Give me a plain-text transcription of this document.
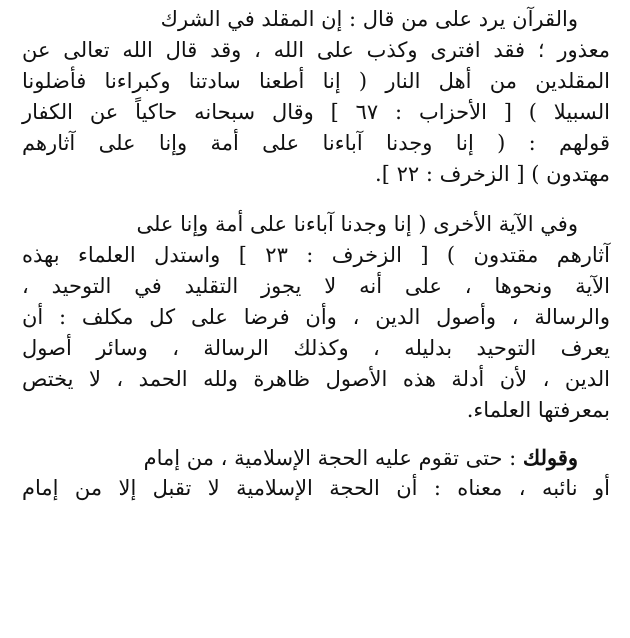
والقرآن يرد على من قال : إن المقلد في الشرك
معذور ؛ فقد افترى وكذب على الله ، وقد قال الله تعالى عن
المقلدين من أهل النار ( إنا أطعنا سادتنا وكبراءنا فأضلونا
السبيلا ) [ الأحزاب : ٦٧ ] وقال سبحانه حاكياً عن الكفار
قولهم : ( إنا وجدنا آباءنا على أمة وإنا على آثارهم
مهتدون ) [ الزخرف : ٢٢ ].
وفي الآية الأخرى ( إنا وجدنا آباءنا على أمة وإنا على
آثارهم مقتدون ) [ الزخرف : ٢٣ ] واستدل العلماء بهذه
الآية ونحوها ، على أنه لا يجوز التقليد في التوحيد ،
والرسالة ، وأصول الدين ، وأن فرضا على كل مكلف : أن
يعرف التوحيد بدليله ، وكذلك الرسالة ، وسائر أصول
الدين ، لأن أدلة هذه الأصول ظاهرة ولله الحمد ، لا يختص
بمعرفتها العلماء.
وقولك : حتى تقوم عليه الحجة الإسلامية ، من إمام
أو نائبه ، معناه : أن الحجة الإسلامية لا تقبل إلا من إمام
